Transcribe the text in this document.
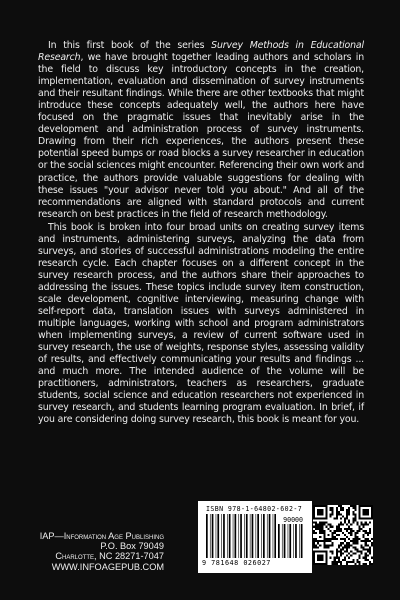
In this first book of the series Survey Methods in Educational Research, we have brought together leading authors and scholars in the field to discuss key introductory concepts in the creation, implementation, evaluation and dissemination of survey instruments and their resultant findings. While there are other textbooks that might introduce these concepts adequately well, the authors here have focused on the pragmatic issues that inevitably arise in the development and administration process of survey instruments. Drawing from their rich experiences, the authors present these potential speed bumps or road blocks a survey researcher in education or the social sciences might encounter. Referencing their own work and practice, the authors provide valuable suggestions for dealing with these issues "your advisor never told you about." And all of the recommendations are aligned with standard protocols and current research on best practices in the field of research methodology.

This book is broken into four broad units on creating survey items and instruments, administering surveys, analyzing the data from surveys, and stories of successful administrations modeling the entire research cycle. Each chapter focuses on a different concept in the survey research process, and the authors share their approaches to addressing the issues. These topics include survey item construction, scale development, cognitive interviewing, measuring change with self-report data, translation issues with surveys administered in multiple languages, working with school and program administrators when implementing surveys, a review of current software used in survey research, the use of weights, response styles, assessing validity of results, and effectively communicating your results and findings ... and much more. The intended audience of the volume will be practitioners, administrators, teachers as researchers, graduate students, social science and education researchers not experienced in survey research, and students learning program evaluation. In brief, if you are considering doing survey research, this book is meant for you.

IAP—Information Age Publishing
P.O. Box 79049
Charlotte, NC 28271-7047
WWW.INFOAGEPUB.COM
ISBN 978-1-64802-602-7
90000
9 781648 026027
